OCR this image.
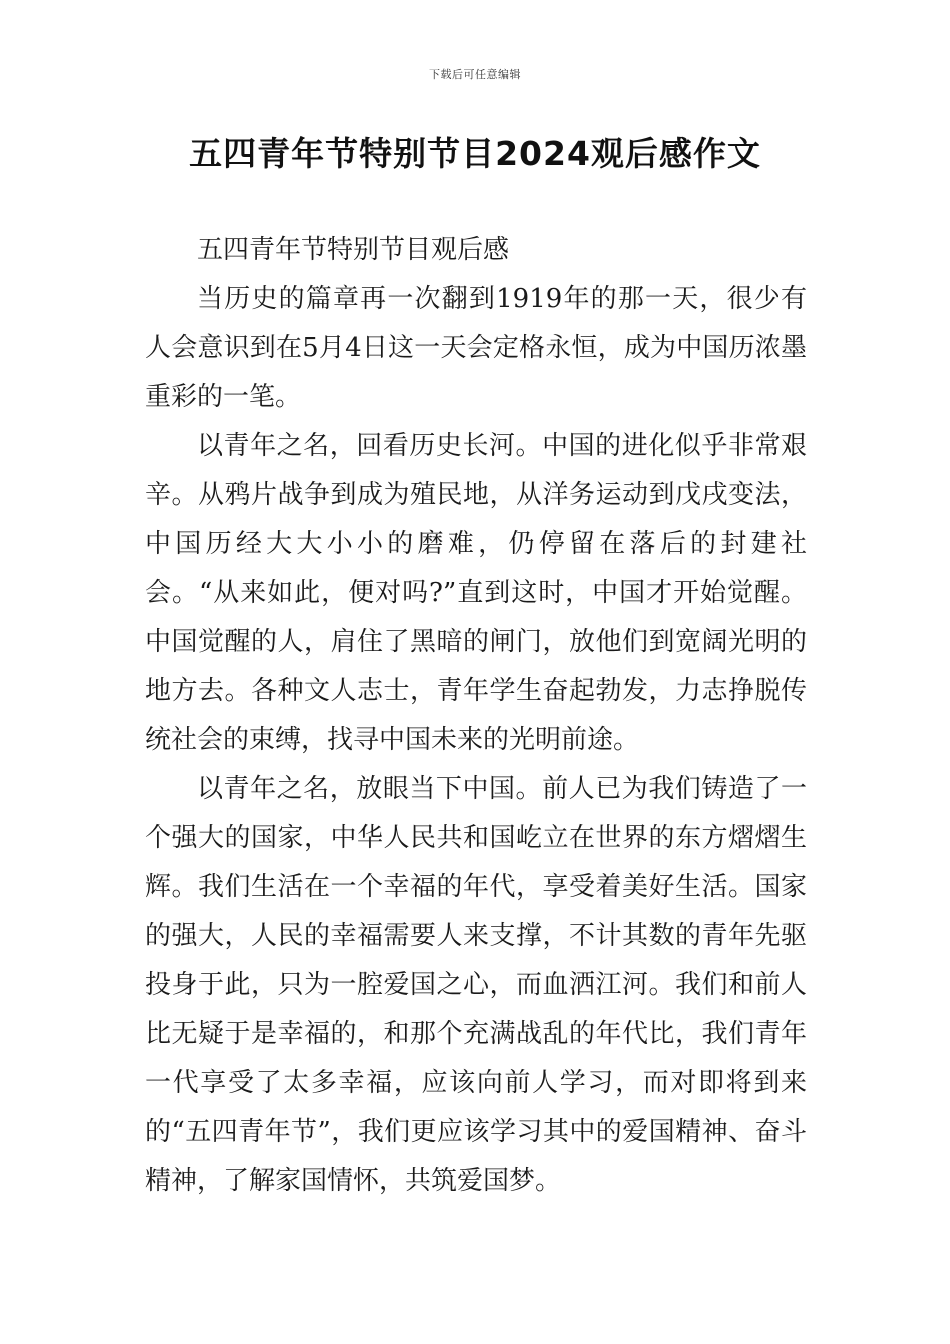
下载后可任意编辑
五四青年节特别节目2024观后感作文

五四青年节特别节目观后感

当历史的篇章再一次翻到1919年的那一天，很少有人会意识到在5月4日这一天会定格永恒，成为中国历浓墨重彩的一笔。

以青年之名，回看历史长河。中国的进化似乎非常艰辛。从鸦片战争到成为殖民地，从洋务运动到戊戌变法，中国历经大大小小的磨难，仍停留在落后的封建社会。“从来如此，便对吗?”直到这时，中国才开始觉醒。中国觉醒的人，肩住了黑暗的闸门，放他们到宽阔光明的地方去。各种文人志士，青年学生奋起勃发，力志挣脱传统社会的束缚，找寻中国未来的光明前途。

以青年之名，放眼当下中国。前人已为我们铸造了一个强大的国家，中华人民共和国屹立在世界的东方熠熠生辉。我们生活在一个幸福的年代，享受着美好生活。国家的强大，人民的幸福需要人来支撑，不计其数的青年先驱投身于此，只为一腔爱国之心，而血洒江河。我们和前人比无疑于是幸福的，和那个充满战乱的年代比，我们青年一代享受了太多幸福，应该向前人学习，而对即将到来的“五四青年节”，我们更应该学习其中的爱国精神、奋斗精神，了解家国情怀，共筑爱国梦。
